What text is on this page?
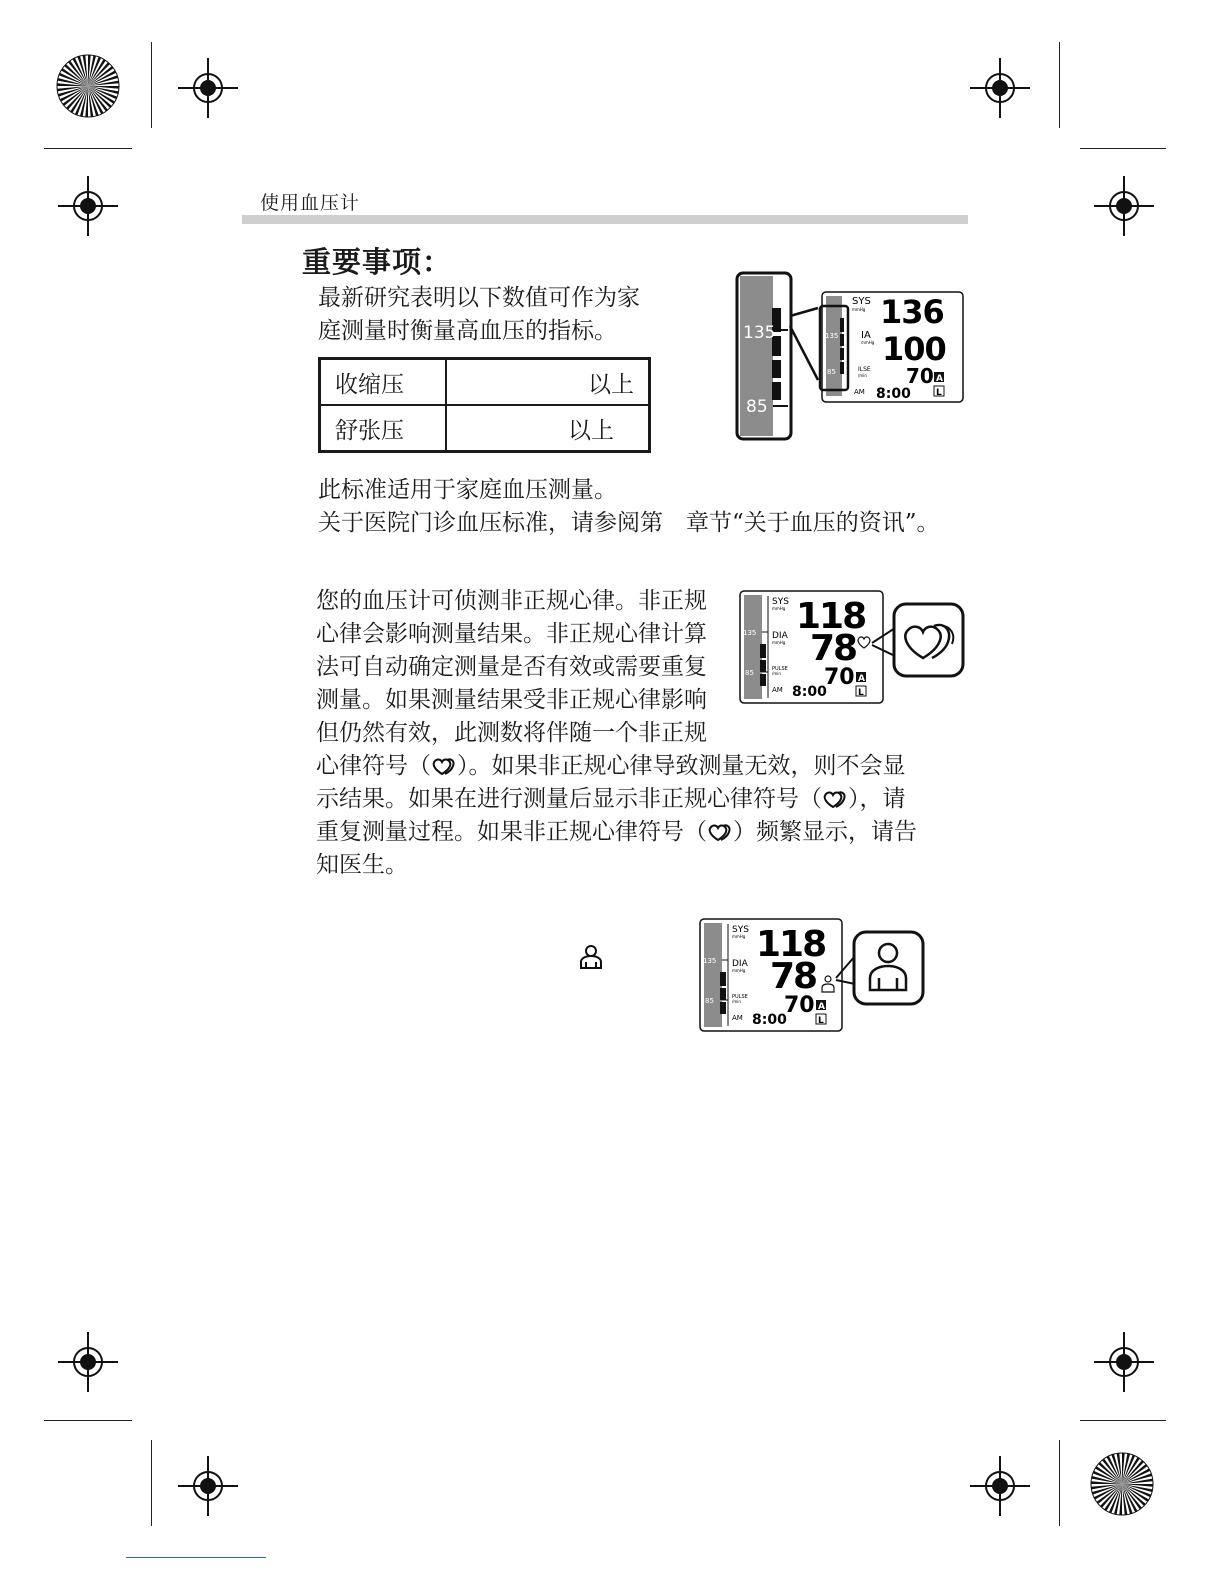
使用血压计
重要事项：
最新研究表明以下数值可作为家
庭测量时衡量高血压的指标。
收缩压	以上
舒张压	以上
135
85
135
85
SYS
mmHg 136
IA
mmHg 100
ILSE
/min 70 A
AM 8:00	L
此标准适用于家庭血压测量。
关于医院门诊血压标准，请参阅第　章节“关于血压的资讯”。
您的血压计可侦测非正规心律。非正规
心律会影响测量结果。非正规心律计算
法可自动确定测量是否有效或需要重复
测量。如果测量结果受非正规心律影响
但仍然有效，此测数将伴随一个非正规
心律符号（ ）。如果非正规心律导致测量无效，则不会显
示结果。如果在进行测量后显示非正规心律符号（ ），请
重复测量过程。如果非正规心律符号（ ）频繁显示，请告
知医生。
135
85
SYS
mmHg 118
DIA
mmHg 78
PULSE
/min 70 A
AM 8:00	L
135
85
SYS
mmHg 118
DIA
mmHg 78
PULSE
/min 70 A
AM 8:00	L
